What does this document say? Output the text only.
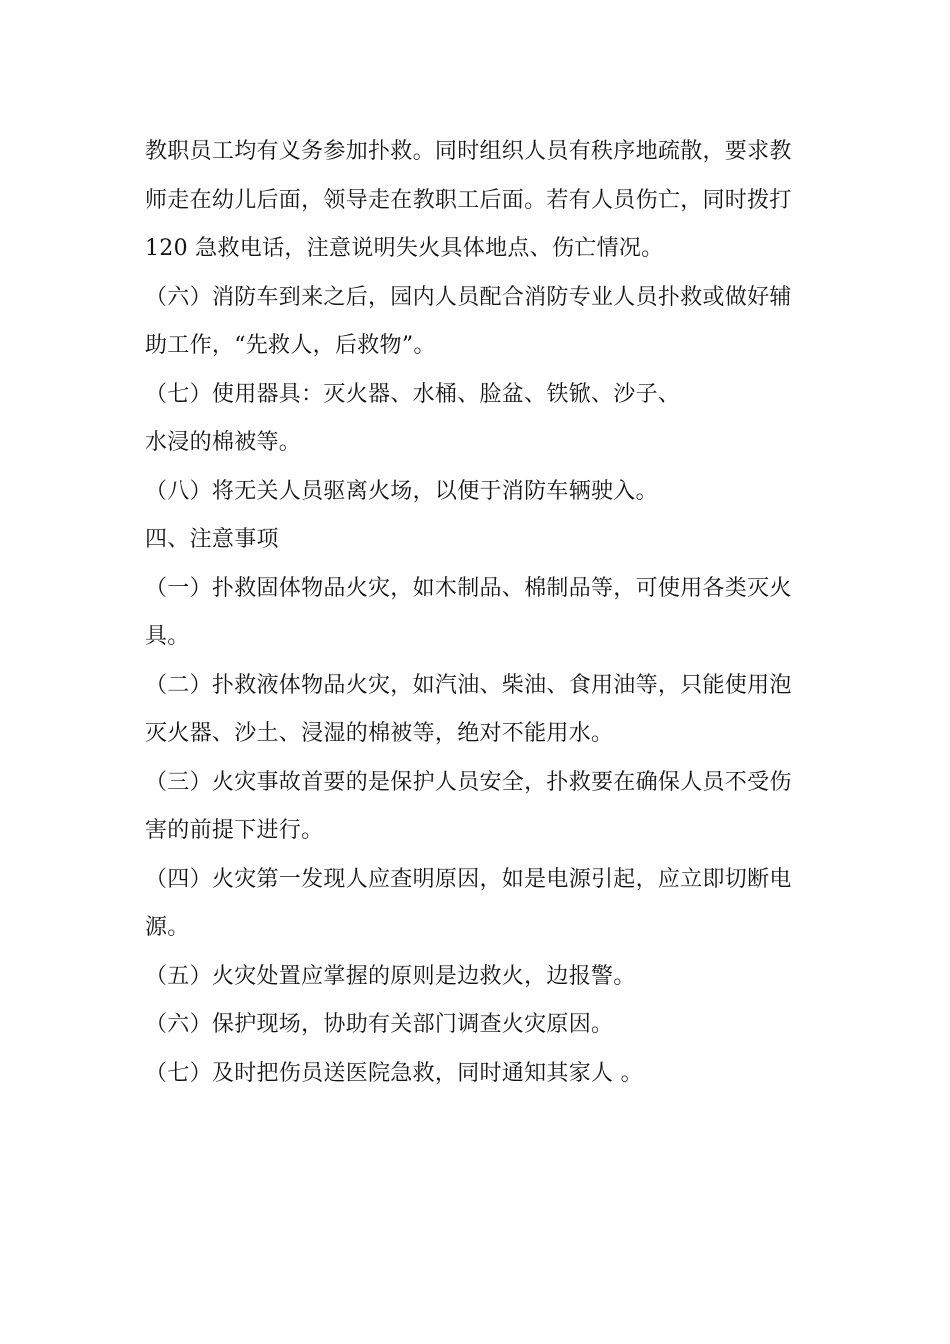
教职员工均有义务参加扑救。同时组织人员有秩序地疏散，要求教
师走在幼儿后面，领导走在教职工后面。若有人员伤亡，同时拨打
120 急救电话，注意说明失火具体地点、伤亡情况。

（六）消防车到来之后，园内人员配合消防专业人员扑救或做好辅
助工作，“先救人，后救物”。

（七）使用器具：灭火器、水桶、脸盆、铁锨、沙子、
水浸的棉被等。

（八）将无关人员驱离火场，以便于消防车辆驶入。

四、注意事项

（一）扑救固体物品火灾，如木制品、棉制品等，可使用各类灭火
具。

（二）扑救液体物品火灾，如汽油、柴油、食用油等，只能使用泡
灭火器、沙土、浸湿的棉被等，绝对不能用水。

（三）火灾事故首要的是保护人员安全，扑救要在确保人员不受伤
害的前提下进行。

（四）火灾第一发现人应查明原因，如是电源引起，应立即切断电
源。

（五）火灾处置应掌握的原则是边救火，边报警。

（六）保护现场，协助有关部门调查火灾原因。

（七）及时把伤员送医院急救，同时通知其家人 。
